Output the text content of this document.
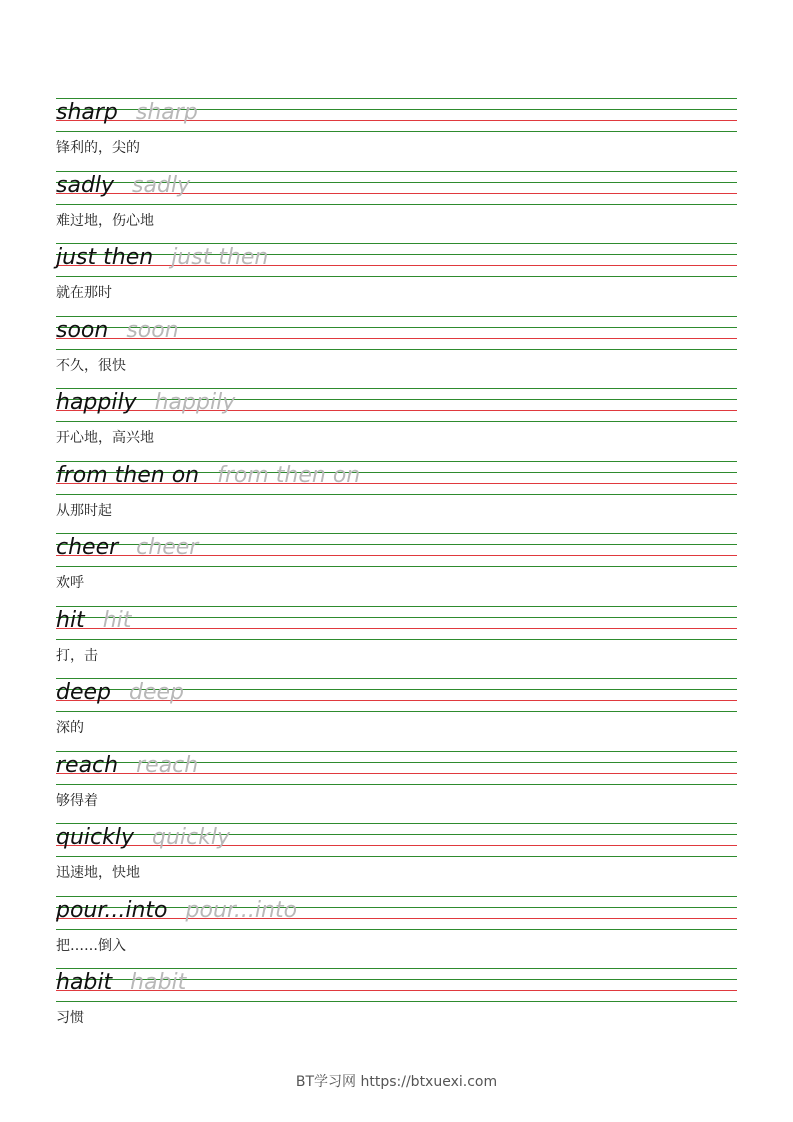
sharp sharp
锋利的，尖的
sadly sadly
难过地，伤心地
just then just then
就在那时
soon soon
不久，很快
happily happily
开心地，高兴地
from then on from then on
从那时起
cheer cheer
欢呼
hit hit
打，击
deep deep
深的
reach reach
够得着
quickly quickly
迅速地，快地
pour...into pour...into
把……倒入
habit habit
习惯
BT学习网 https://btxuexi.com
